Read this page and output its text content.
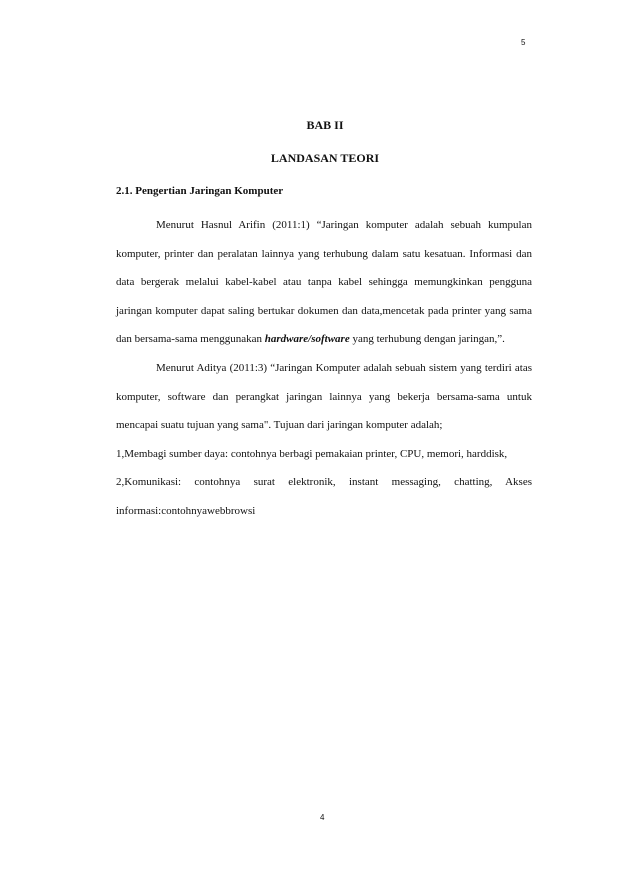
5
BAB II
LANDASAN TEORI
2.1. Pengertian Jaringan Komputer

Menurut Hasnul Arifin (2011:1) “Jaringan komputer adalah sebuah kumpulan komputer, printer dan peralatan lainnya yang terhubung dalam satu kesatuan. Informasi dan data bergerak melalui kabel-kabel atau tanpa kabel sehingga memungkinkan pengguna jaringan komputer dapat saling bertukar dokumen dan data,mencetak pada printer yang sama dan bersama-sama menggunakan hardware/software yang terhubung dengan jaringan,”.

Menurut Aditya (2011:3) “Jaringan Komputer adalah sebuah sistem yang terdiri atas komputer, software dan perangkat jaringan lainnya yang bekerja bersama-sama untuk mencapai suatu tujuan yang sama". Tujuan dari jaringan komputer adalah;

1,Membagi sumber daya: contohnya berbagi pemakaian printer, CPU, memori, harddisk,

2,Komunikasi: contohnya surat elektronik, instant messaging, chatting, Akses informasi:contohnyawebbrowsi

4
